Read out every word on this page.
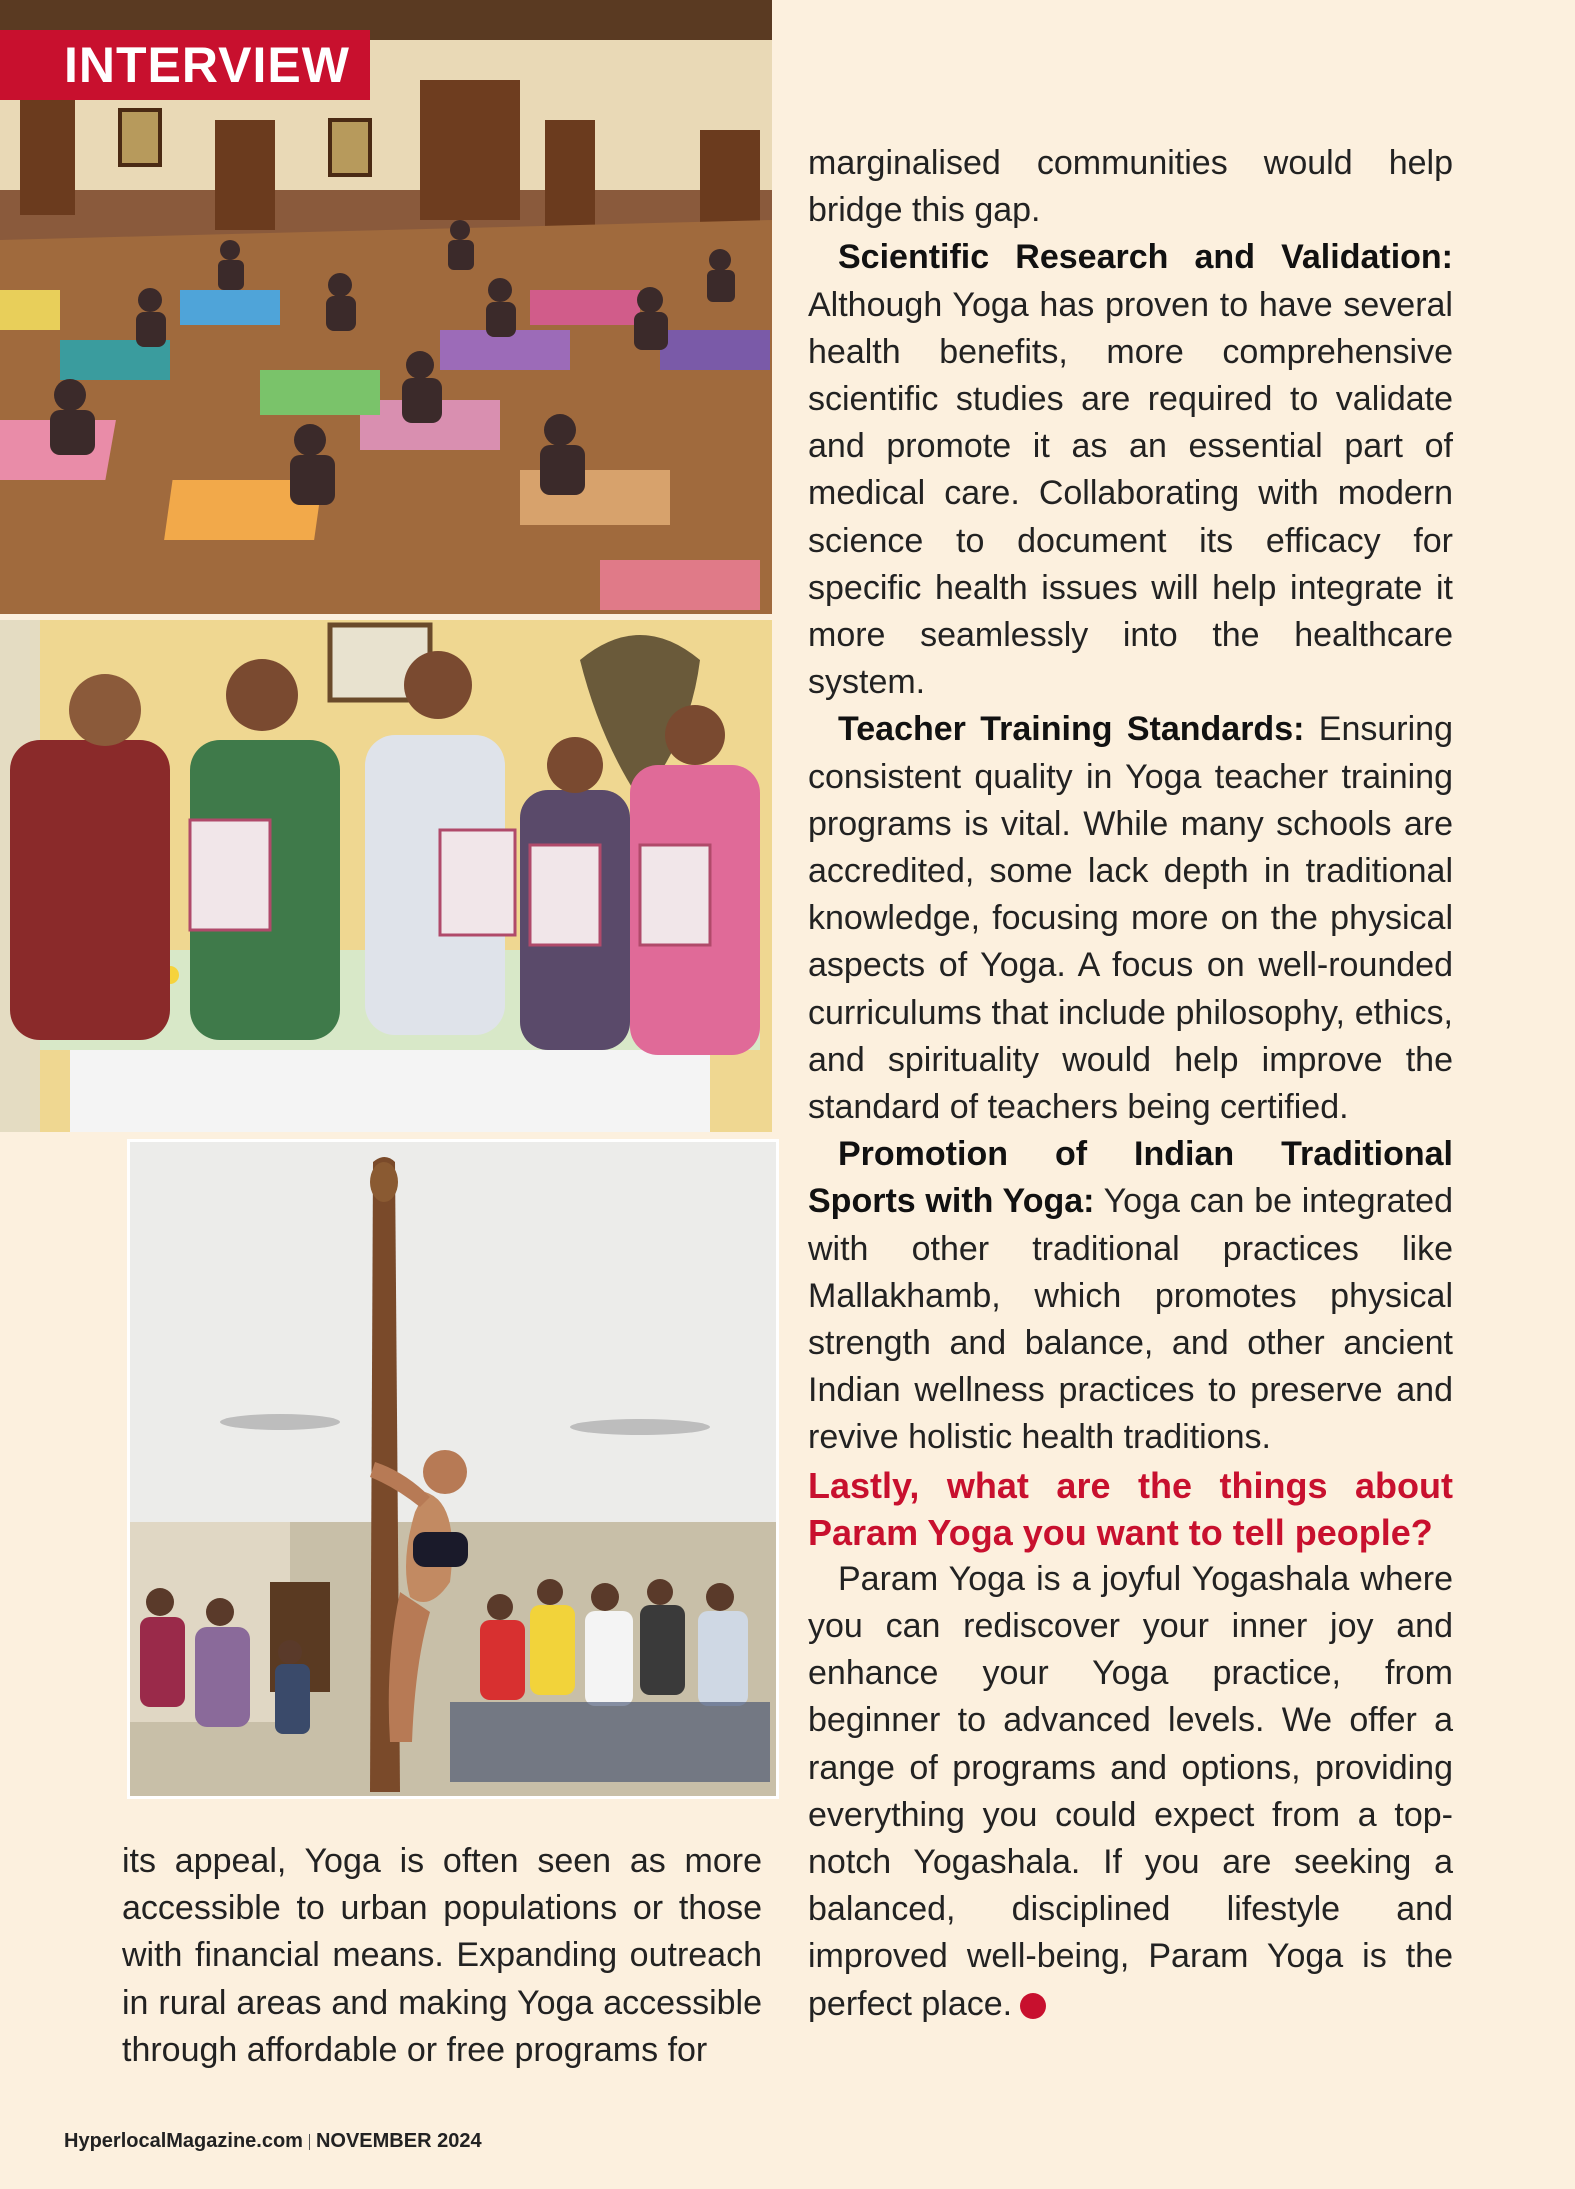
INTERVIEW

marginalised communities would help bridge this gap.

Scientific Research and Validation: Although Yoga has proven to have several health benefits, more comprehensive scientific studies are required to validate and promote it as an essential part of medical care. Collaborating with modern science to document its efficacy for specific health issues will help integrate it more seamlessly into the healthcare system.

Teacher Training Standards: Ensuring consistent quality in Yoga teacher training programs is vital. While many schools are accredited, some lack depth in traditional knowledge, focusing more on the physical aspects of Yoga. A focus on well-rounded curriculums that include philosophy, ethics, and spirituality would help improve the standard of teachers being certified.

Promotion of Indian Traditional Sports with Yoga: Yoga can be integrated with other traditional practices like Mallakhamb, which promotes physical strength and balance, and other ancient Indian wellness practices to preserve and revive holistic health traditions.

Lastly, what are the things about Param Yoga you want to tell people?

Param Yoga is a joyful Yogashala where you can rediscover your inner joy and enhance your Yoga practice, from beginner to advanced levels. We offer a range of programs and options, providing everything you could expect from a top-notch Yogashala. If you are seeking a balanced, disciplined lifestyle and improved well-being, Param Yoga is the perfect place.

its appeal, Yoga is often seen as more accessible to urban populations or those with financial means. Expanding outreach in rural areas and making Yoga accessible through affordable or free programs for

HyperlocalMagazine.com NOVEMBER 2024
